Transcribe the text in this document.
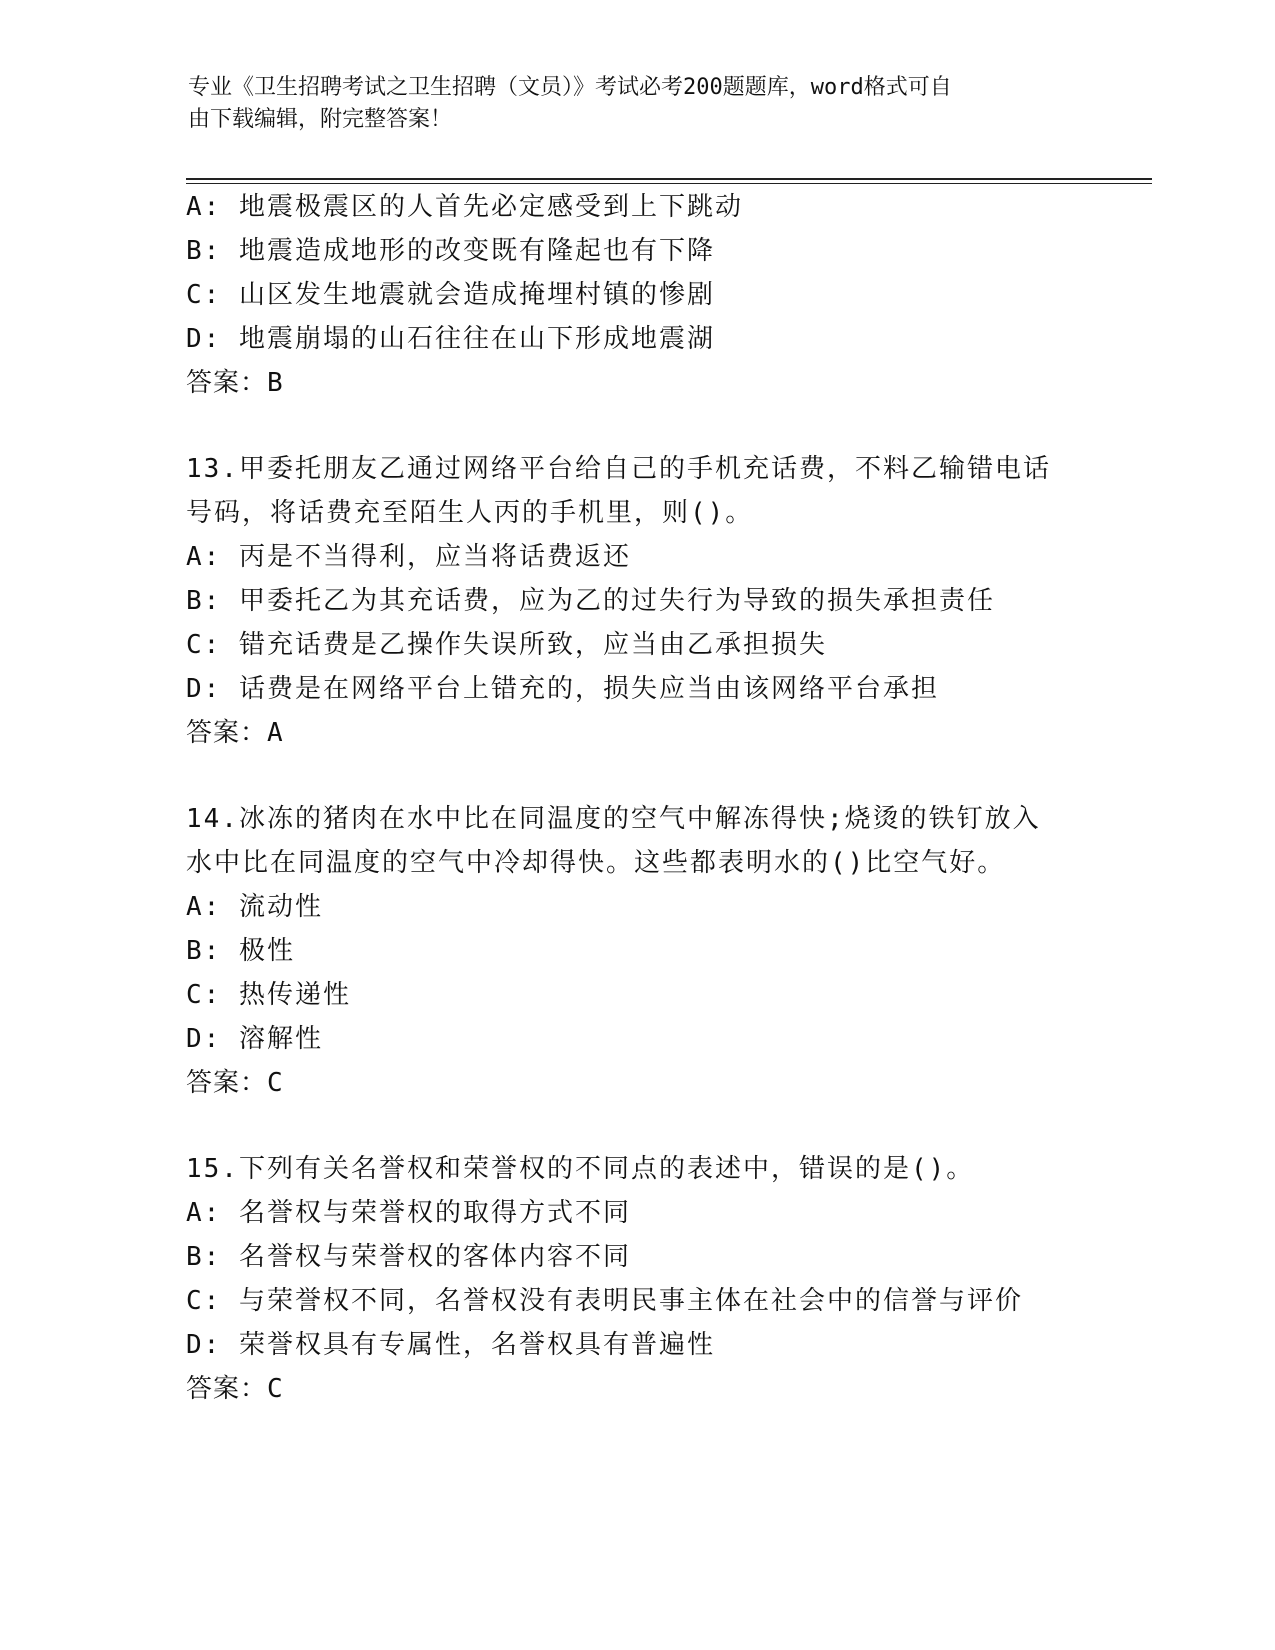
专业《卫生招聘考试之卫生招聘（文员）》考试必考200题题库，word格式可自
由下载编辑，附完整答案！
A: 地震极震区的人首先必定感受到上下跳动
B: 地震造成地形的改变既有隆起也有下降
C: 山区发生地震就会造成掩埋村镇的惨剧
D: 地震崩塌的山石往往在山下形成地震湖
答案：B
13.甲委托朋友乙通过网络平台给自己的手机充话费，不料乙输错电话
号码，将话费充至陌生人丙的手机里，则()。
A: 丙是不当得利，应当将话费返还
B: 甲委托乙为其充话费，应为乙的过失行为导致的损失承担责任
C: 错充话费是乙操作失误所致，应当由乙承担损失
D: 话费是在网络平台上错充的，损失应当由该网络平台承担
答案：A
14.冰冻的猪肉在水中比在同温度的空气中解冻得快;烧烫的铁钉放入
水中比在同温度的空气中冷却得快。这些都表明水的()比空气好。
A: 流动性
B: 极性
C: 热传递性
D: 溶解性
答案：C
15.下列有关名誉权和荣誉权的不同点的表述中，错误的是()。
A: 名誉权与荣誉权的取得方式不同
B: 名誉权与荣誉权的客体内容不同
C: 与荣誉权不同，名誉权没有表明民事主体在社会中的信誉与评价
D: 荣誉权具有专属性，名誉权具有普遍性
答案：C
